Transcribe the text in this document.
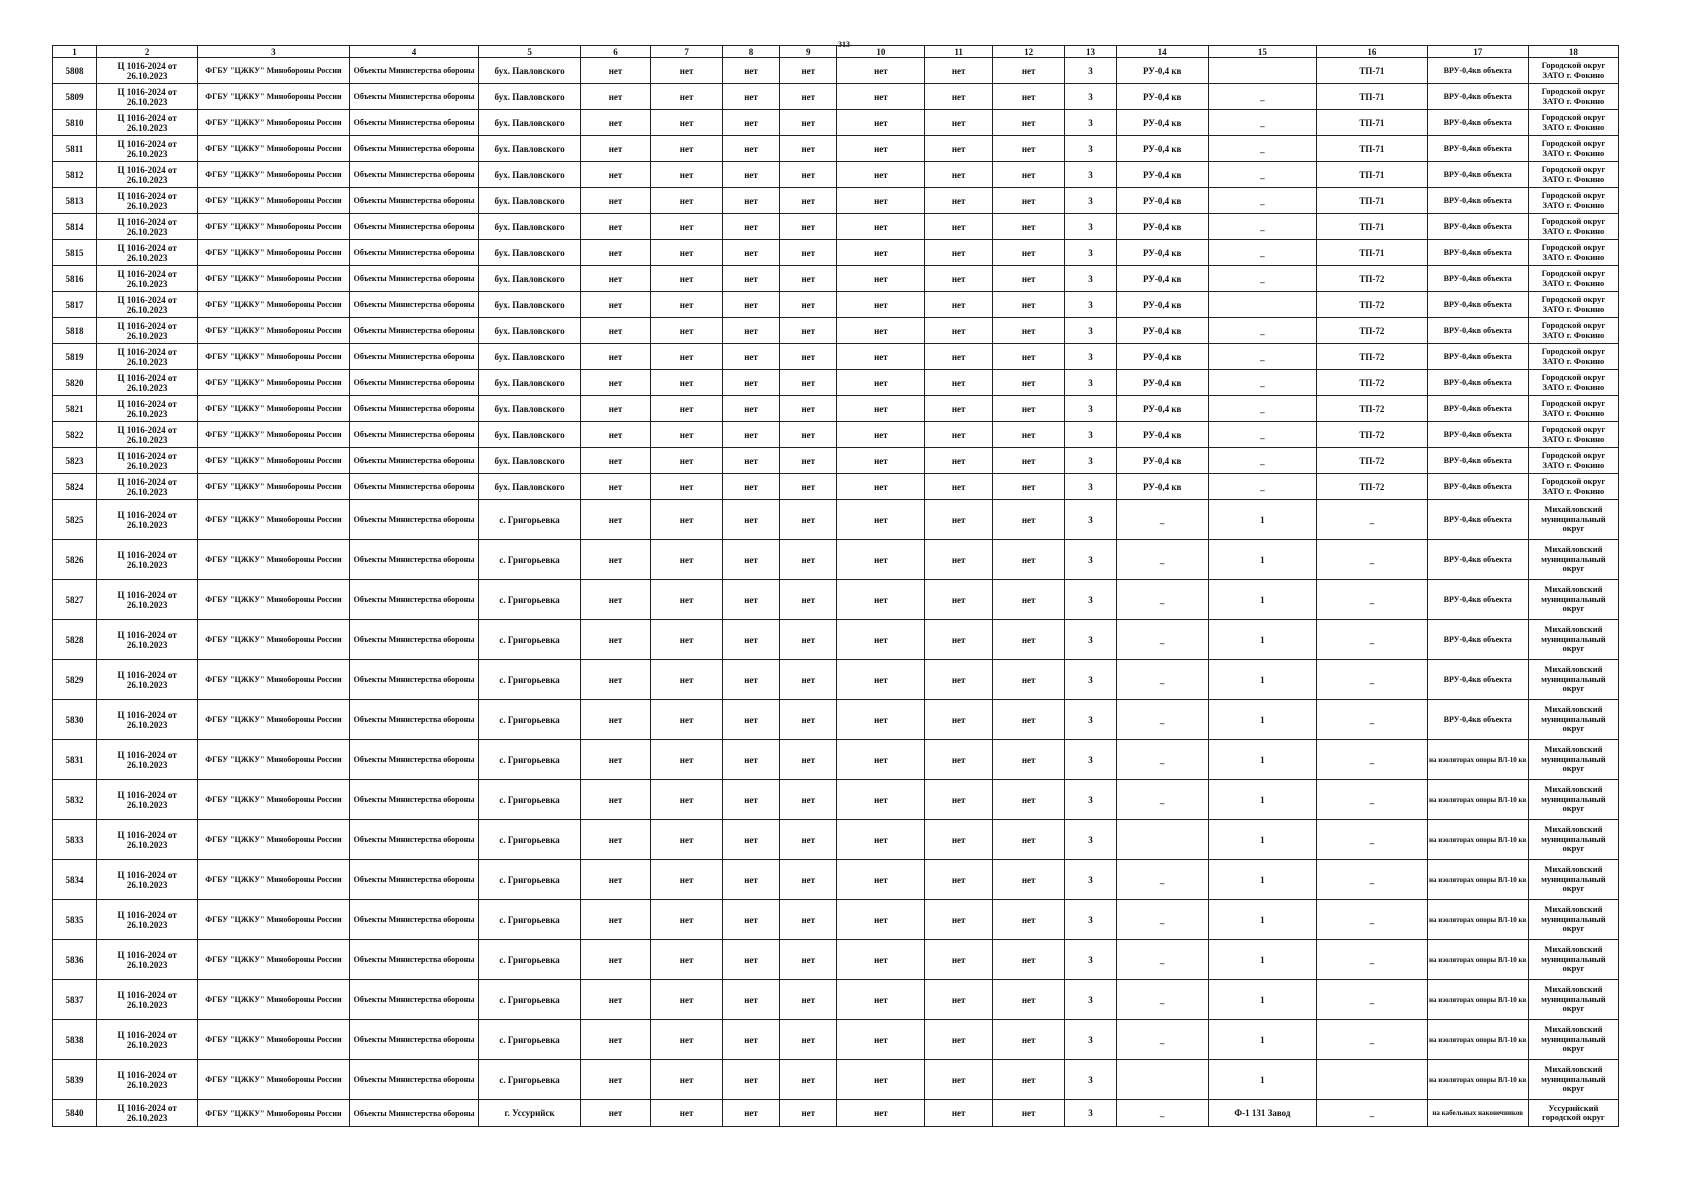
313
1	2	3	4	5	6	7	8	9	10	11	12	13	14	15	16	17	18
5808	Ц 1016-2024 от 26.10.2023	ФГБУ "ЦЖКУ" Минобороны России	Объекты Министерства обороны	бух. Павловского	нет	нет	нет	нет	нет	нет	нет	3	РУ-0,4 кв		ТП-71	ВРУ-0,4кв объекта	Городской округ ЗАТО г. Фокино
5809	Ц 1016-2024 от 26.10.2023	ФГБУ "ЦЖКУ" Минобороны России	Объекты Министерства обороны	бух. Павловского	нет	нет	нет	нет	нет	нет	нет	3	РУ-0,4 кв	_	ТП-71	ВРУ-0,4кв объекта	Городской округ ЗАТО г. Фокино
5810	Ц 1016-2024 от 26.10.2023	ФГБУ "ЦЖКУ" Минобороны России	Объекты Министерства обороны	бух. Павловского	нет	нет	нет	нет	нет	нет	нет	3	РУ-0,4 кв	_	ТП-71	ВРУ-0,4кв объекта	Городской округ ЗАТО г. Фокино
5811	Ц 1016-2024 от 26.10.2023	ФГБУ "ЦЖКУ" Минобороны России	Объекты Министерства обороны	бух. Павловского	нет	нет	нет	нет	нет	нет	нет	3	РУ-0,4 кв	_	ТП-71	ВРУ-0,4кв объекта	Городской округ ЗАТО г. Фокино
5812	Ц 1016-2024 от 26.10.2023	ФГБУ "ЦЖКУ" Минобороны России	Объекты Министерства обороны	бух. Павловского	нет	нет	нет	нет	нет	нет	нет	3	РУ-0,4 кв	_	ТП-71	ВРУ-0,4кв объекта	Городской округ ЗАТО г. Фокино
5813	Ц 1016-2024 от 26.10.2023	ФГБУ "ЦЖКУ" Минобороны России	Объекты Министерства обороны	бух. Павловского	нет	нет	нет	нет	нет	нет	нет	3	РУ-0,4 кв	_	ТП-71	ВРУ-0,4кв объекта	Городской округ ЗАТО г. Фокино
5814	Ц 1016-2024 от 26.10.2023	ФГБУ "ЦЖКУ" Минобороны России	Объекты Министерства обороны	бух. Павловского	нет	нет	нет	нет	нет	нет	нет	3	РУ-0,4 кв	_	ТП-71	ВРУ-0,4кв объекта	Городской округ ЗАТО г. Фокино
5815	Ц 1016-2024 от 26.10.2023	ФГБУ "ЦЖКУ" Минобороны России	Объекты Министерства обороны	бух. Павловского	нет	нет	нет	нет	нет	нет	нет	3	РУ-0,4 кв	_	ТП-71	ВРУ-0,4кв объекта	Городской округ ЗАТО г. Фокино
5816	Ц 1016-2024 от 26.10.2023	ФГБУ "ЦЖКУ" Минобороны России	Объекты Министерства обороны	бух. Павловского	нет	нет	нет	нет	нет	нет	нет	3	РУ-0,4 кв	_	ТП-72	ВРУ-0,4кв объекта	Городской округ ЗАТО г. Фокино
5817	Ц 1016-2024 от 26.10.2023	ФГБУ "ЦЖКУ" Минобороны России	Объекты Министерства обороны	бух. Павловского	нет	нет	нет	нет	нет	нет	нет	3	РУ-0,4 кв		ТП-72	ВРУ-0,4кв объекта	Городской округ ЗАТО г. Фокино
5818	Ц 1016-2024 от 26.10.2023	ФГБУ "ЦЖКУ" Минобороны России	Объекты Министерства обороны	бух. Павловского	нет	нет	нет	нет	нет	нет	нет	3	РУ-0,4 кв	_	ТП-72	ВРУ-0,4кв объекта	Городской округ ЗАТО г. Фокино
5819	Ц 1016-2024 от 26.10.2023	ФГБУ "ЦЖКУ" Минобороны России	Объекты Министерства обороны	бух. Павловского	нет	нет	нет	нет	нет	нет	нет	3	РУ-0,4 кв	_	ТП-72	ВРУ-0,4кв объекта	Городской округ ЗАТО г. Фокино
5820	Ц 1016-2024 от 26.10.2023	ФГБУ "ЦЖКУ" Минобороны России	Объекты Министерства обороны	бух. Павловского	нет	нет	нет	нет	нет	нет	нет	3	РУ-0,4 кв	_	ТП-72	ВРУ-0,4кв объекта	Городской округ ЗАТО г. Фокино
5821	Ц 1016-2024 от 26.10.2023	ФГБУ "ЦЖКУ" Минобороны России	Объекты Министерства обороны	бух. Павловского	нет	нет	нет	нет	нет	нет	нет	3	РУ-0,4 кв	_	ТП-72	ВРУ-0,4кв объекта	Городской округ ЗАТО г. Фокино
5822	Ц 1016-2024 от 26.10.2023	ФГБУ "ЦЖКУ" Минобороны России	Объекты Министерства обороны	бух. Павловского	нет	нет	нет	нет	нет	нет	нет	3	РУ-0,4 кв	_	ТП-72	ВРУ-0,4кв объекта	Городской округ ЗАТО г. Фокино
5823	Ц 1016-2024 от 26.10.2023	ФГБУ "ЦЖКУ" Минобороны России	Объекты Министерства обороны	бух. Павловского	нет	нет	нет	нет	нет	нет	нет	3	РУ-0,4 кв	_	ТП-72	ВРУ-0,4кв объекта	Городской округ ЗАТО г. Фокино
5824	Ц 1016-2024 от 26.10.2023	ФГБУ "ЦЖКУ" Минобороны России	Объекты Министерства обороны	бух. Павловского	нет	нет	нет	нет	нет	нет	нет	3	РУ-0,4 кв	_	ТП-72	ВРУ-0,4кв объекта	Городской округ ЗАТО г. Фокино
5825	Ц 1016-2024 от 26.10.2023	ФГБУ "ЦЖКУ" Минобороны России	Объекты Министерства обороны	с. Григорьевка	нет	нет	нет	нет	нет	нет	нет	3	_	1	_	ВРУ-0,4кв объекта	Михайловский муниципальный округ
5826	Ц 1016-2024 от 26.10.2023	ФГБУ "ЦЖКУ" Минобороны России	Объекты Министерства обороны	с. Григорьевка	нет	нет	нет	нет	нет	нет	нет	3	_	1	_	ВРУ-0,4кв объекта	Михайловский муниципальный округ
5827	Ц 1016-2024 от 26.10.2023	ФГБУ "ЦЖКУ" Минобороны России	Объекты Министерства обороны	с. Григорьевка	нет	нет	нет	нет	нет	нет	нет	3	_	1	_	ВРУ-0,4кв объекта	Михайловский муниципальный округ
5828	Ц 1016-2024 от 26.10.2023	ФГБУ "ЦЖКУ" Минобороны России	Объекты Министерства обороны	с. Григорьевка	нет	нет	нет	нет	нет	нет	нет	3	_	1	_	ВРУ-0,4кв объекта	Михайловский муниципальный округ
5829	Ц 1016-2024 от 26.10.2023	ФГБУ "ЦЖКУ" Минобороны России	Объекты Министерства обороны	с. Григорьевка	нет	нет	нет	нет	нет	нет	нет	3	_	1	_	ВРУ-0,4кв объекта	Михайловский муниципальный округ
5830	Ц 1016-2024 от 26.10.2023	ФГБУ "ЦЖКУ" Минобороны России	Объекты Министерства обороны	с. Григорьевка	нет	нет	нет	нет	нет	нет	нет	3	_	1	_	ВРУ-0,4кв объекта	Михайловский муниципальный округ
5831	Ц 1016-2024 от 26.10.2023	ФГБУ "ЦЖКУ" Минобороны России	Объекты Министерства обороны	с. Григорьевка	нет	нет	нет	нет	нет	нет	нет	3	_	1	_	на изоляторах опоры ВЛ-10 кв	Михайловский муниципальный округ
5832	Ц 1016-2024 от 26.10.2023	ФГБУ "ЦЖКУ" Минобороны России	Объекты Министерства обороны	с. Григорьевка	нет	нет	нет	нет	нет	нет	нет	3	_	1	_	на изоляторах опоры ВЛ-10 кв	Михайловский муниципальный округ
5833	Ц 1016-2024 от 26.10.2023	ФГБУ "ЦЖКУ" Минобороны России	Объекты Министерства обороны	с. Григорьевка	нет	нет	нет	нет	нет	нет	нет	3		1	_	на изоляторах опоры ВЛ-10 кв	Михайловский муниципальный округ
5834	Ц 1016-2024 от 26.10.2023	ФГБУ "ЦЖКУ" Минобороны России	Объекты Министерства обороны	с. Григорьевка	нет	нет	нет	нет	нет	нет	нет	3	_	1	_	на изоляторах опоры ВЛ-10 кв	Михайловский муниципальный округ
5835	Ц 1016-2024 от 26.10.2023	ФГБУ "ЦЖКУ" Минобороны России	Объекты Министерства обороны	с. Григорьевка	нет	нет	нет	нет	нет	нет	нет	3	_	1	_	на изоляторах опоры ВЛ-10 кв	Михайловский муниципальный округ
5836	Ц 1016-2024 от 26.10.2023	ФГБУ "ЦЖКУ" Минобороны России	Объекты Министерства обороны	с. Григорьевка	нет	нет	нет	нет	нет	нет	нет	3	_	1	_	на изоляторах опоры ВЛ-10 кв	Михайловский муниципальный округ
5837	Ц 1016-2024 от 26.10.2023	ФГБУ "ЦЖКУ" Минобороны России	Объекты Министерства обороны	с. Григорьевка	нет	нет	нет	нет	нет	нет	нет	3	_	1	_	на изоляторах опоры ВЛ-10 кв	Михайловский муниципальный округ
5838	Ц 1016-2024 от 26.10.2023	ФГБУ "ЦЖКУ" Минобороны России	Объекты Министерства обороны	с. Григорьевка	нет	нет	нет	нет	нет	нет	нет	3	_	1	_	на изоляторах опоры ВЛ-10 кв	Михайловский муниципальный округ
5839	Ц 1016-2024 от 26.10.2023	ФГБУ "ЦЖКУ" Минобороны России	Объекты Министерства обороны	с. Григорьевка	нет	нет	нет	нет	нет	нет	нет	3		1		на изоляторах опоры ВЛ-10 кв	Михайловский муниципальный округ
5840	Ц 1016-2024 от 26.10.2023	ФГБУ "ЦЖКУ" Минобороны России	Объекты Министерства обороны	г. Уссурийск	нет	нет	нет	нет	нет	нет	нет	3	_	Ф-1 131 Завод	_	на кабельных наконечников	Уссурийский городской округ
